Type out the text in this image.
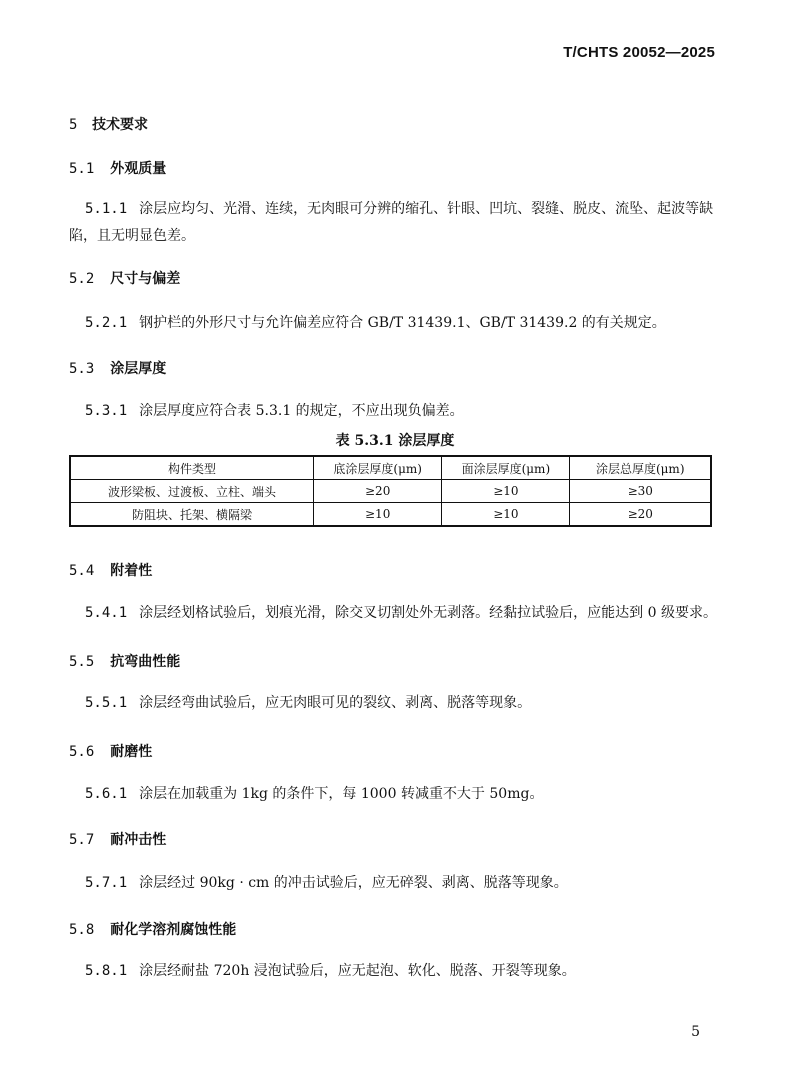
T/CHTS 20052—2025
5 技术要求
5.1 外观质量
5.1.1 涂层应均匀、光滑、连续，无肉眼可分辨的缩孔、针眼、凹坑、裂缝、脱皮、流坠、起波等缺陷，且无明显色差。
5.2 尺寸与偏差
5.2.1 钢护栏的外形尺寸与允许偏差应符合 GB/T 31439.1、GB/T 31439.2 的有关规定。
5.3 涂层厚度
5.3.1 涂层厚度应符合表 5.3.1 的规定，不应出现负偏差。
表 5.3.1 涂层厚度
构件类型	底涂层厚度(μm)	面涂层厚度(μm)	涂层总厚度(μm)
波形梁板、过渡板、立柱、端头	≥20	≥10	≥30
防阻块、托架、横隔梁	≥10	≥10	≥20
5.4 附着性
5.4.1 涂层经划格试验后，划痕光滑，除交叉切割处外无剥落。经黏拉试验后，应能达到 0 级要求。
5.5 抗弯曲性能
5.5.1 涂层经弯曲试验后，应无肉眼可见的裂纹、剥离、脱落等现象。
5.6 耐磨性
5.6.1 涂层在加载重为 1kg 的条件下，每 1000 转减重不大于 50mg。
5.7 耐冲击性
5.7.1 涂层经过 90kg · cm 的冲击试验后，应无碎裂、剥离、脱落等现象。
5.8 耐化学溶剂腐蚀性能
5.8.1 涂层经耐盐 720h 浸泡试验后，应无起泡、软化、脱落、开裂等现象。
5
